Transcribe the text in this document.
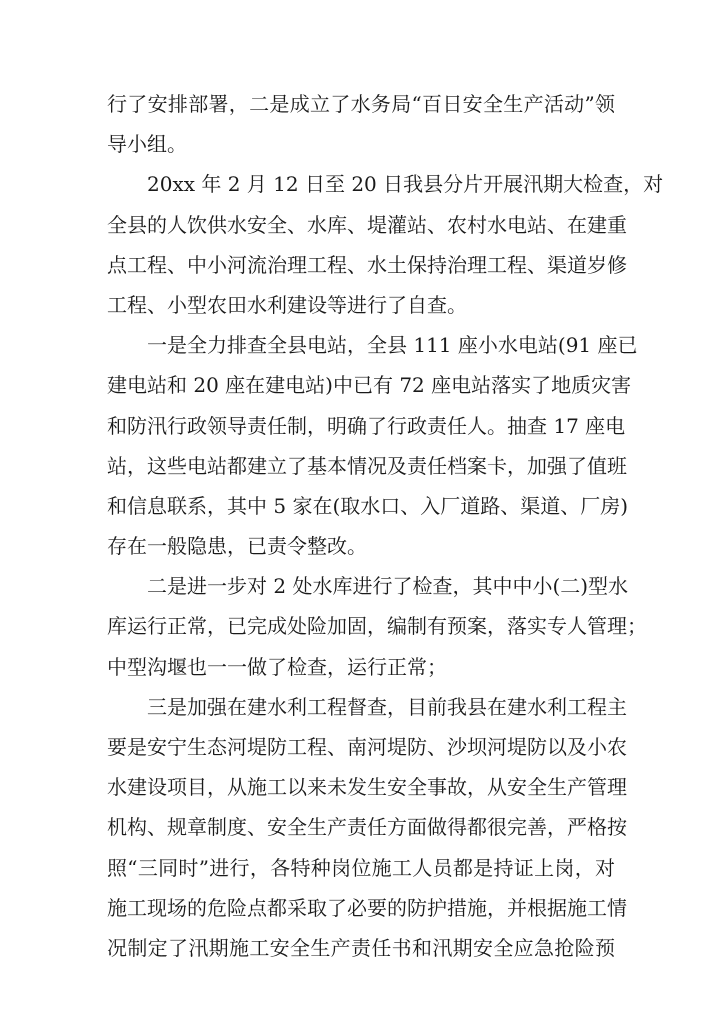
行了安排部署，二是成立了水务局“百日安全生产活动”领
导小组。
20xx 年 2 月 12 日至 20 日我县分片开展汛期大检查，对
全县的人饮供水安全、水库、堤灌站、农村水电站、在建重
点工程、中小河流治理工程、水土保持治理工程、渠道岁修
工程、小型农田水利建设等进行了自查。
一是全力排查全县电站，全县 111 座小水电站(91 座已
建电站和 20 座在建电站)中已有 72 座电站落实了地质灾害
和防汛行政领导责任制，明确了行政责任人。抽查 17 座电
站，这些电站都建立了基本情况及责任档案卡，加强了值班
和信息联系，其中 5 家在(取水口、入厂道路、渠道、厂房)
存在一般隐患，已责令整改。
二是进一步对 2 处水库进行了检查，其中中小(二)型水
库运行正常，已完成处险加固，编制有预案，落实专人管理；
中型沟堰也一一做了检查，运行正常；
三是加强在建水利工程督查，目前我县在建水利工程主
要是安宁生态河堤防工程、南河堤防、沙坝河堤防以及小农
水建设项目，从施工以来未发生安全事故，从安全生产管理
机构、规章制度、安全生产责任方面做得都很完善，严格按
照“三同时”进行，各特种岗位施工人员都是持证上岗，对
施工现场的危险点都采取了必要的防护措施，并根据施工情
况制定了汛期施工安全生产责任书和汛期安全应急抢险预
